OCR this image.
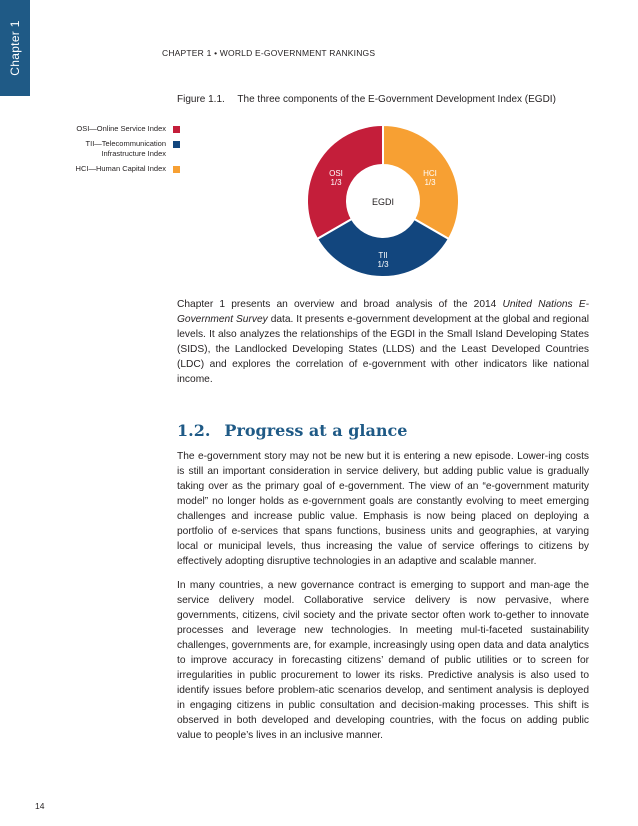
Chapter 1	CHAPTER 1 • WORLD E-GOVERNMENT RANKINGS
Figure 1.1. The three components of the E-Government Development Index (EGDI)
OSI—Online Service Index
TII—Telecommunication Infrastructure Index
HCI—Human Capital Index
EGDI
OSI
1/3
HCI
1/3
TII
1/3

Chapter 1 presents an overview and broad analysis of the 2014 United Nations E-Government Survey data. It presents e-government development at the global and regional levels. It also analyzes the relationships of the EGDI in the Small Island Developing States (SIDS), the Landlocked Developing States (LLDS) and the Least Developed Countries (LDC) and explores the correlation of e-government with other indicators like national income.

1.2. Progress at a glance

The e-government story may not be new but it is entering a new episode. Lower-ing costs is still an important consideration in service delivery, but adding public value is gradually taking over as the primary goal of e-government. The view of an “e-government maturity model” no longer holds as e-government goals are constantly evolving to meet emerging challenges and increase public value. Emphasis is now being placed on deploying a portfolio of e-services that spans functions, business units and geographies, at varying local or municipal levels, thus increasing the value of service offerings to citizens by effectively adopting disruptive technologies in an adaptive and scalable manner.

In many countries, a new governance contract is emerging to support and man-age the service delivery model. Collaborative service delivery is now pervasive, where governments, citizens, civil society and the private sector often work to-gether to innovate processes and leverage new technologies. In meeting mul-ti-faceted sustainability challenges, governments are, for example, increasingly using open data and data analytics to improve accuracy in forecasting citizens’ demand of public utilities or to screen for irregularities in public procurement to lower its risks. Predictive analysis is also used to identify issues before problem-atic scenarios develop, and sentiment analysis is deployed in engaging citizens in public consultation and decision-making processes. This shift is observed in both developed and developing countries, with the focus on adding public value to people’s lives in an inclusive manner.

14
